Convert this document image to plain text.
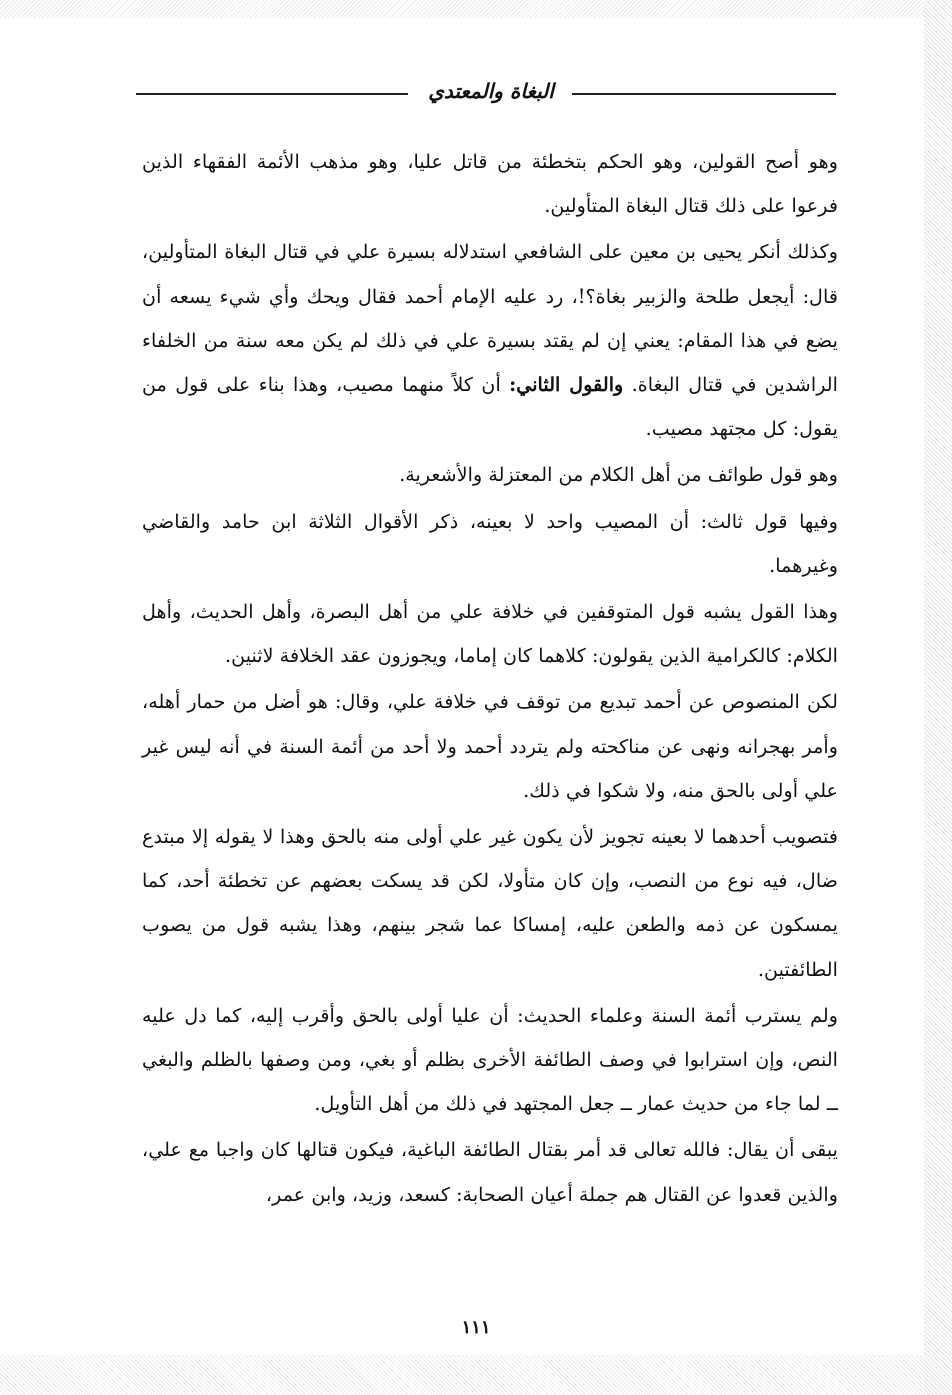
البغاة والمعتدي

وهو أصح القولين، وهو الحكم بتخطئة من قاتل عليا، وهو مذهب الأئمة الفقهاء الذين فرعوا على ذلك قتال البغاة المتأولين.

وكذلك أنكر يحيى بن معين على الشافعي استدلاله بسيرة علي في قتال البغاة المتأولين، قال: أيجعل طلحة والزبير بغاة؟!، رد عليه الإمام أحمد فقال ويحك وأي شيء يسعه أن يضع في هذا المقام: يعني إن لم يقتد بسيرة علي في ذلك لم يكن معه سنة من الخلفاء الراشدين في قتال البغاة. والقول الثاني: أن كلاً منهما مصيب، وهذا بناء على قول من يقول: كل مجتهد مصيب.

وهو قول طوائف من أهل الكلام من المعتزلة والأشعرية.

وفيها قول ثالث: أن المصيب واحد لا بعينه، ذكر الأقوال الثلاثة ابن حامد والقاضي وغيرهما.

وهذا القول يشبه قول المتوقفين في خلافة علي من أهل البصرة، وأهل الحديث، وأهل الكلام: كالكرامية الذين يقولون: كلاهما كان إماما، ويجوزون عقد الخلافة لاثنين.

لكن المنصوص عن أحمد تبديع من توقف في خلافة علي، وقال: هو أضل من حمار أهله، وأمر بهجرانه ونهى عن مناكحته ولم يتردد أحمد ولا أحد من أئمة السنة في أنه ليس غير علي أولى بالحق منه، ولا شكوا في ذلك.

فتصويب أحدهما لا بعينه تجويز لأن يكون غير علي أولى منه بالحق وهذا لا يقوله إلا مبتدع ضال، فيه نوع من النصب، وإن كان متأولا، لكن قد يسكت بعضهم عن تخطئة أحد، كما يمسكون عن ذمه والطعن عليه، إمساكا عما شجر بينهم، وهذا يشبه قول من يصوب الطائفتين.

ولم يسترب أئمة السنة وعلماء الحديث: أن عليا أولى بالحق وأقرب إليه، كما دل عليه النص، وإن استرابوا في وصف الطائفة الأخرى بظلم أو بغي، ومن وصفها بالظلم والبغي ــ لما جاء من حديث عمار ــ جعل المجتهد في ذلك من أهل التأويل.

يبقى أن يقال: فالله تعالى قد أمر بقتال الطائفة الباغية، فيكون قتالها كان واجبا مع علي، والذين قعدوا عن القتال هم جملة أعيان الصحابة: كسعد، وزيد، وابن عمر،

١١١
